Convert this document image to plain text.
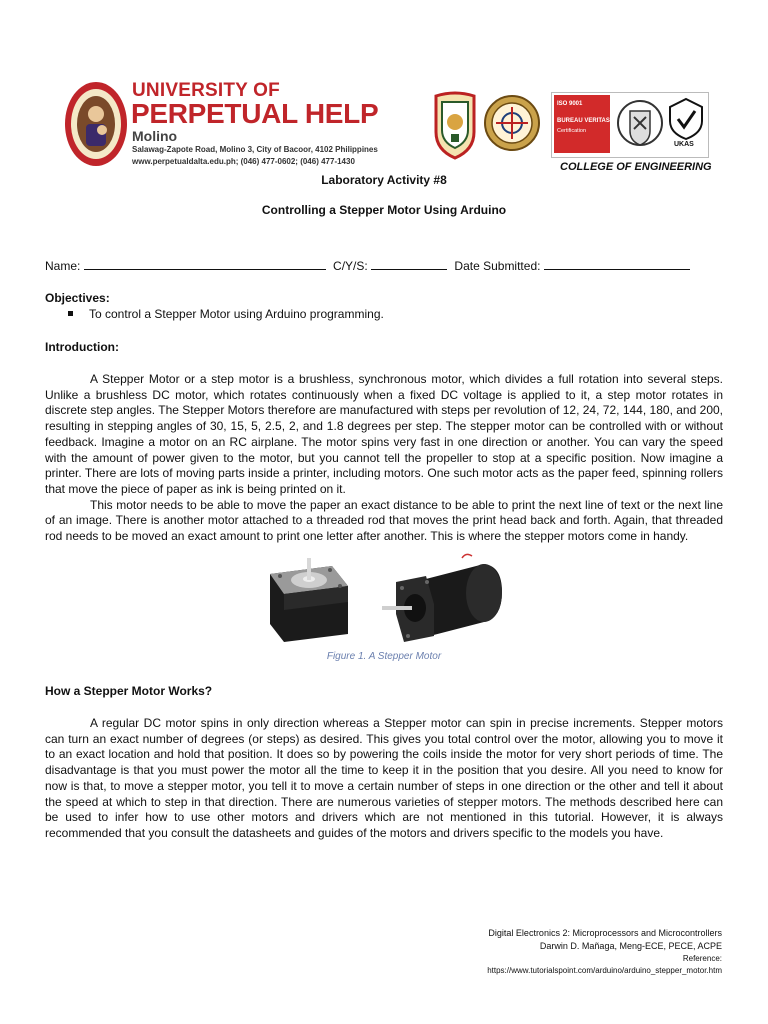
UNIVERSITY OF
PERPETUAL HELP
Molino
Salawag-Zapote Road, Molino 3, City of Bacoor, 4102 Philippines
www.perpetualdalta.edu.ph; (046) 477-0602; (046) 477-1430
ISO 9001
BUREAU VERITAS
Certification
UKAS
COLLEGE OF ENGINEERING
Laboratory Activity #8
Controlling a Stepper Motor Using Arduino
Name:	C/Y/S:	Date Submitted:
Objectives:
To control a Stepper Motor using Arduino programming.
Introduction:

A Stepper Motor or a step motor is a brushless, synchronous motor, which divides a full rotation into several steps. Unlike a brushless DC motor, which rotates continuously when a fixed DC voltage is applied to it, a step motor rotates in discrete step angles. The Stepper Motors therefore are manufactured with steps per revolution of 12, 24, 72, 144, 180, and 200, resulting in stepping angles of 30, 15, 5, 2.5, 2, and 1.8 degrees per step. The stepper motor can be controlled with or without feedback. Imagine a motor on an RC airplane. The motor spins very fast in one direction or another. You can vary the speed with the amount of power given to the motor, but you cannot tell the propeller to stop at a specific position. Now imagine a printer. There are lots of moving parts inside a printer, including motors. One such motor acts as the paper feed, spinning rollers that move the piece of paper as ink is being printed on it.

This motor needs to be able to move the paper an exact distance to be able to print the next line of text or the next line of an image. There is another motor attached to a threaded rod that moves the print head back and forth. Again, that threaded rod needs to be moved an exact amount to print one letter after another. This is where the stepper motors come in handy.

Figure 1. A Stepper Motor
How a Stepper Motor Works?

A regular DC motor spins in only direction whereas a Stepper motor can spin in precise increments. Stepper motors can turn an exact number of degrees (or steps) as desired. This gives you total control over the motor, allowing you to move it to an exact location and hold that position. It does so by powering the coils inside the motor for very short periods of time. The disadvantage is that you must power the motor all the time to keep it in the position that you desire. All you need to know for now is that, to move a stepper motor, you tell it to move a certain number of steps in one direction or the other and tell it about the speed at which to step in that direction. There are numerous varieties of stepper motors. The methods described here can be used to infer how to use other motors and drivers which are not mentioned in this tutorial. However, it is always recommended that you consult the datasheets and guides of the motors and drivers specific to the models you have.

Digital Electronics 2: Microprocessors and Microcontrollers
Darwin D. Mañaga, Meng-ECE, PECE, ACPE
Reference:
https://www.tutorialspoint.com/arduino/arduino_stepper_motor.htm
